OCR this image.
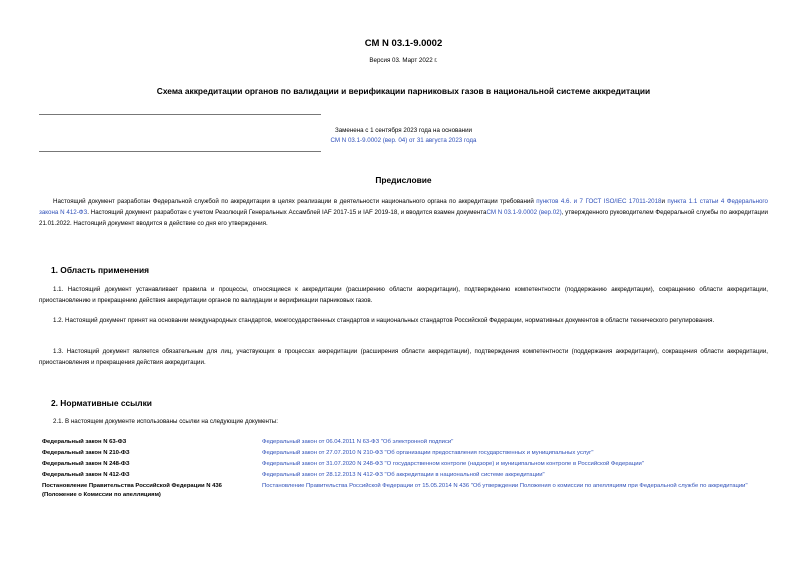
СМ N 03.1-9.0002
Версия 03. Март 2022 г.
Схема аккредитации органов по валидации и верификации парниковых газов в национальной системе аккредитации
Заменена с 1 сентября 2023 года на основании
СМ N 03.1-9.0002 (вер. 04) от 31 августа 2023 года
Предисловие
Настоящий документ разработан Федеральной службой по аккредитации в целях реализации в деятельности национального органа по аккредитации требований пунктов 4.6. и 7 ГОСТ ISO/IEC 17011-2018и пункта 1.1 статьи 4 Федерального закона N 412-ФЗ. Настоящий документ разработан с учетом Резолюций Генеральных Ассамблей IAF 2017-15 и IAF 2019-18, и вводится взамен документаСМ N 03.1-9.0002 (вер.02), утвержденного руководителем Федеральной службы по аккредитации 21.01.2022. Настоящий документ вводится в действие со дня его утверждения.
1. Область применения
1.1. Настоящий документ устанавливает правила и процессы, относящиеся к аккредитации (расширению области аккредитации), подтверждению компетентности (поддержанию аккредитации), сокращению области аккредитации, приостановлению и прекращению действия аккредитации органов по валидации и верификации парниковых газов.
1.2. Настоящий документ принят на основании международных стандартов, межгосударственных стандартов и национальных стандартов Российской Федерации, нормативных документов в области технического регулирования.
1.3. Настоящий документ является обязательным для лиц, участвующих в процессах аккредитации (расширения области аккредитации), подтверждения компетентности (поддержания аккредитации), сокращения области аккредитации, приостановления и прекращения действия аккредитации.
2. Нормативные ссылки
2.1. В настоящем документе использованы ссылки на следующие документы:
Федеральный закон N 63-ФЗ	Федеральный закон от 06.04.2011 N 63-ФЗ "Об электронной подписи"
Федеральный закон N 210-ФЗ	Федеральный закон от 27.07.2010 N 210-ФЗ "Об организации предоставления государственных и муниципальных услуг"
Федеральный закон N 248-ФЗ	Федеральный закон от 31.07.2020 N 248-ФЗ "О государственном контроле (надзоре) и муниципальном контроле в Российской Федерации"
Федеральный закон N 412-ФЗ	Федеральный закон от 28.12.2013 N 412-ФЗ "Об аккредитации в национальной системе аккредитации"
Постановление Правительства Российской Федерации N 436 (Положение о Комиссии по апелляциям)	Постановление Правительства Российской Федерации от 15.05.2014 N 436 "Об утверждении Положения о комиссии по апелляциям при Федеральной службе по аккредитации"
